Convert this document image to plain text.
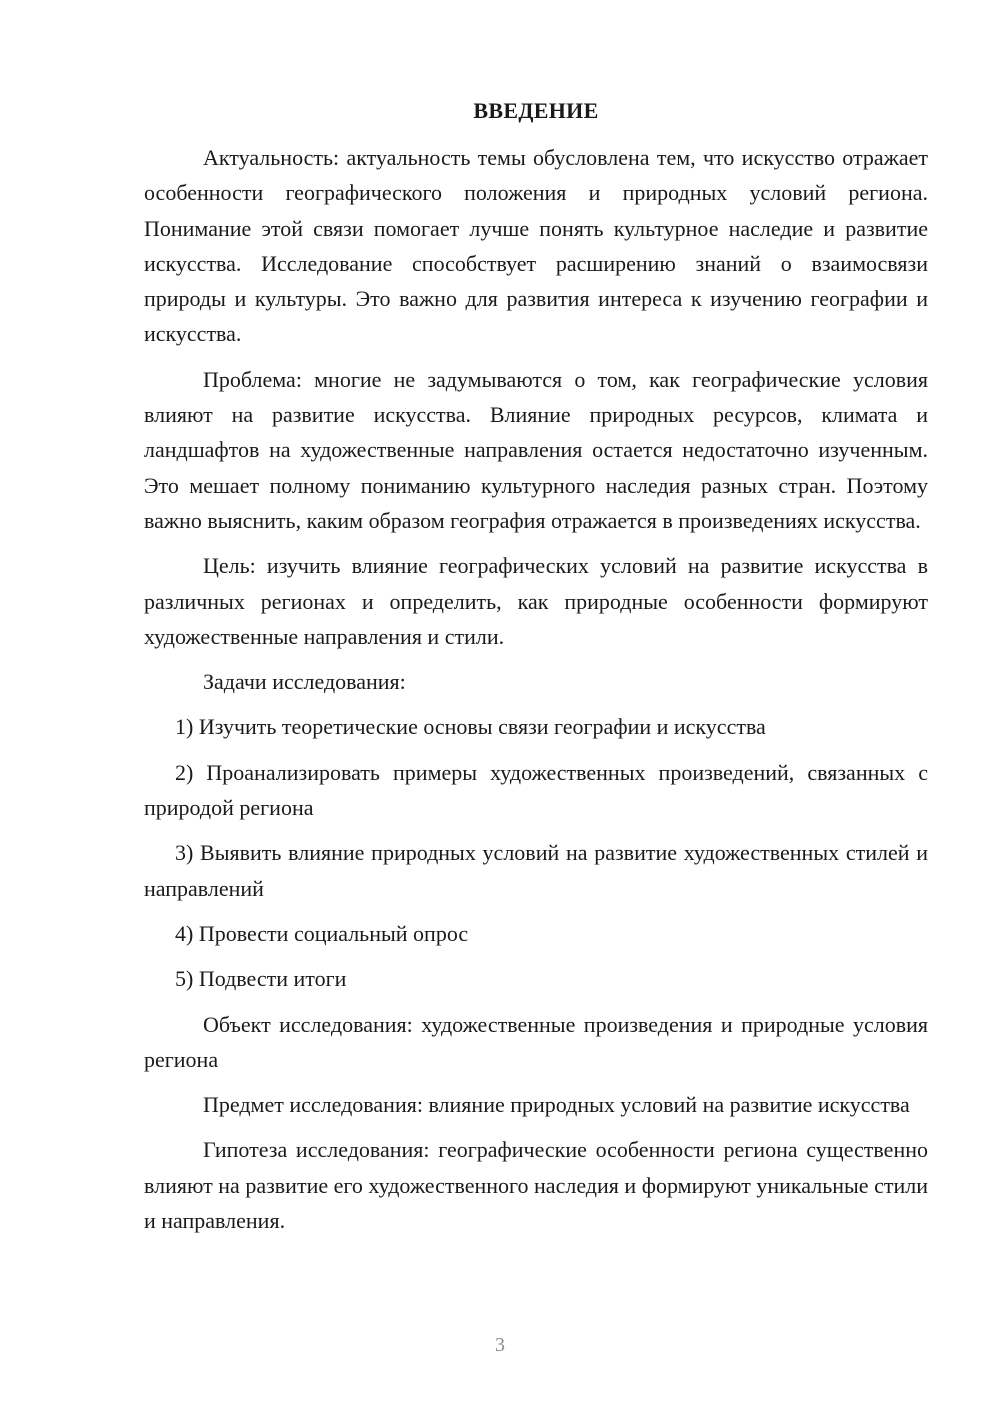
ВВЕДЕНИЕ

Актуальность: актуальность темы обусловлена тем, что искусство отражает особенности географического положения и природных условий региона. Понимание этой связи помогает лучше понять культурное наследие и развитие искусства. Исследование способствует расширению знаний о взаимосвязи природы и культуры. Это важно для развития интереса к изучению географии и искусства.

Проблема: многие не задумываются о том, как географические условия влияют на развитие искусства. Влияние природных ресурсов, климата и ландшафтов на художественные направления остается недостаточно изученным. Это мешает полному пониманию культурного наследия разных стран. Поэтому важно выяснить, каким образом география отражается в произведениях искусства.

Цель: изучить влияние географических условий на развитие искусства в различных регионах и определить, как природные особенности формируют художественные направления и стили.

Задачи исследования:

1) Изучить теоретические основы связи географии и искусства

2) Проанализировать примеры художественных произведений, связанных с природой региона

3) Выявить влияние природных условий на развитие художественных стилей и направлений

4) Провести социальный опрос

5) Подвести итоги

Объект исследования: художественные произведения и природные условия региона

Предмет исследования: влияние природных условий на развитие искусства

Гипотеза исследования: географические особенности региона существенно влияют на развитие его художественного наследия и формируют уникальные стили и направления.

3
